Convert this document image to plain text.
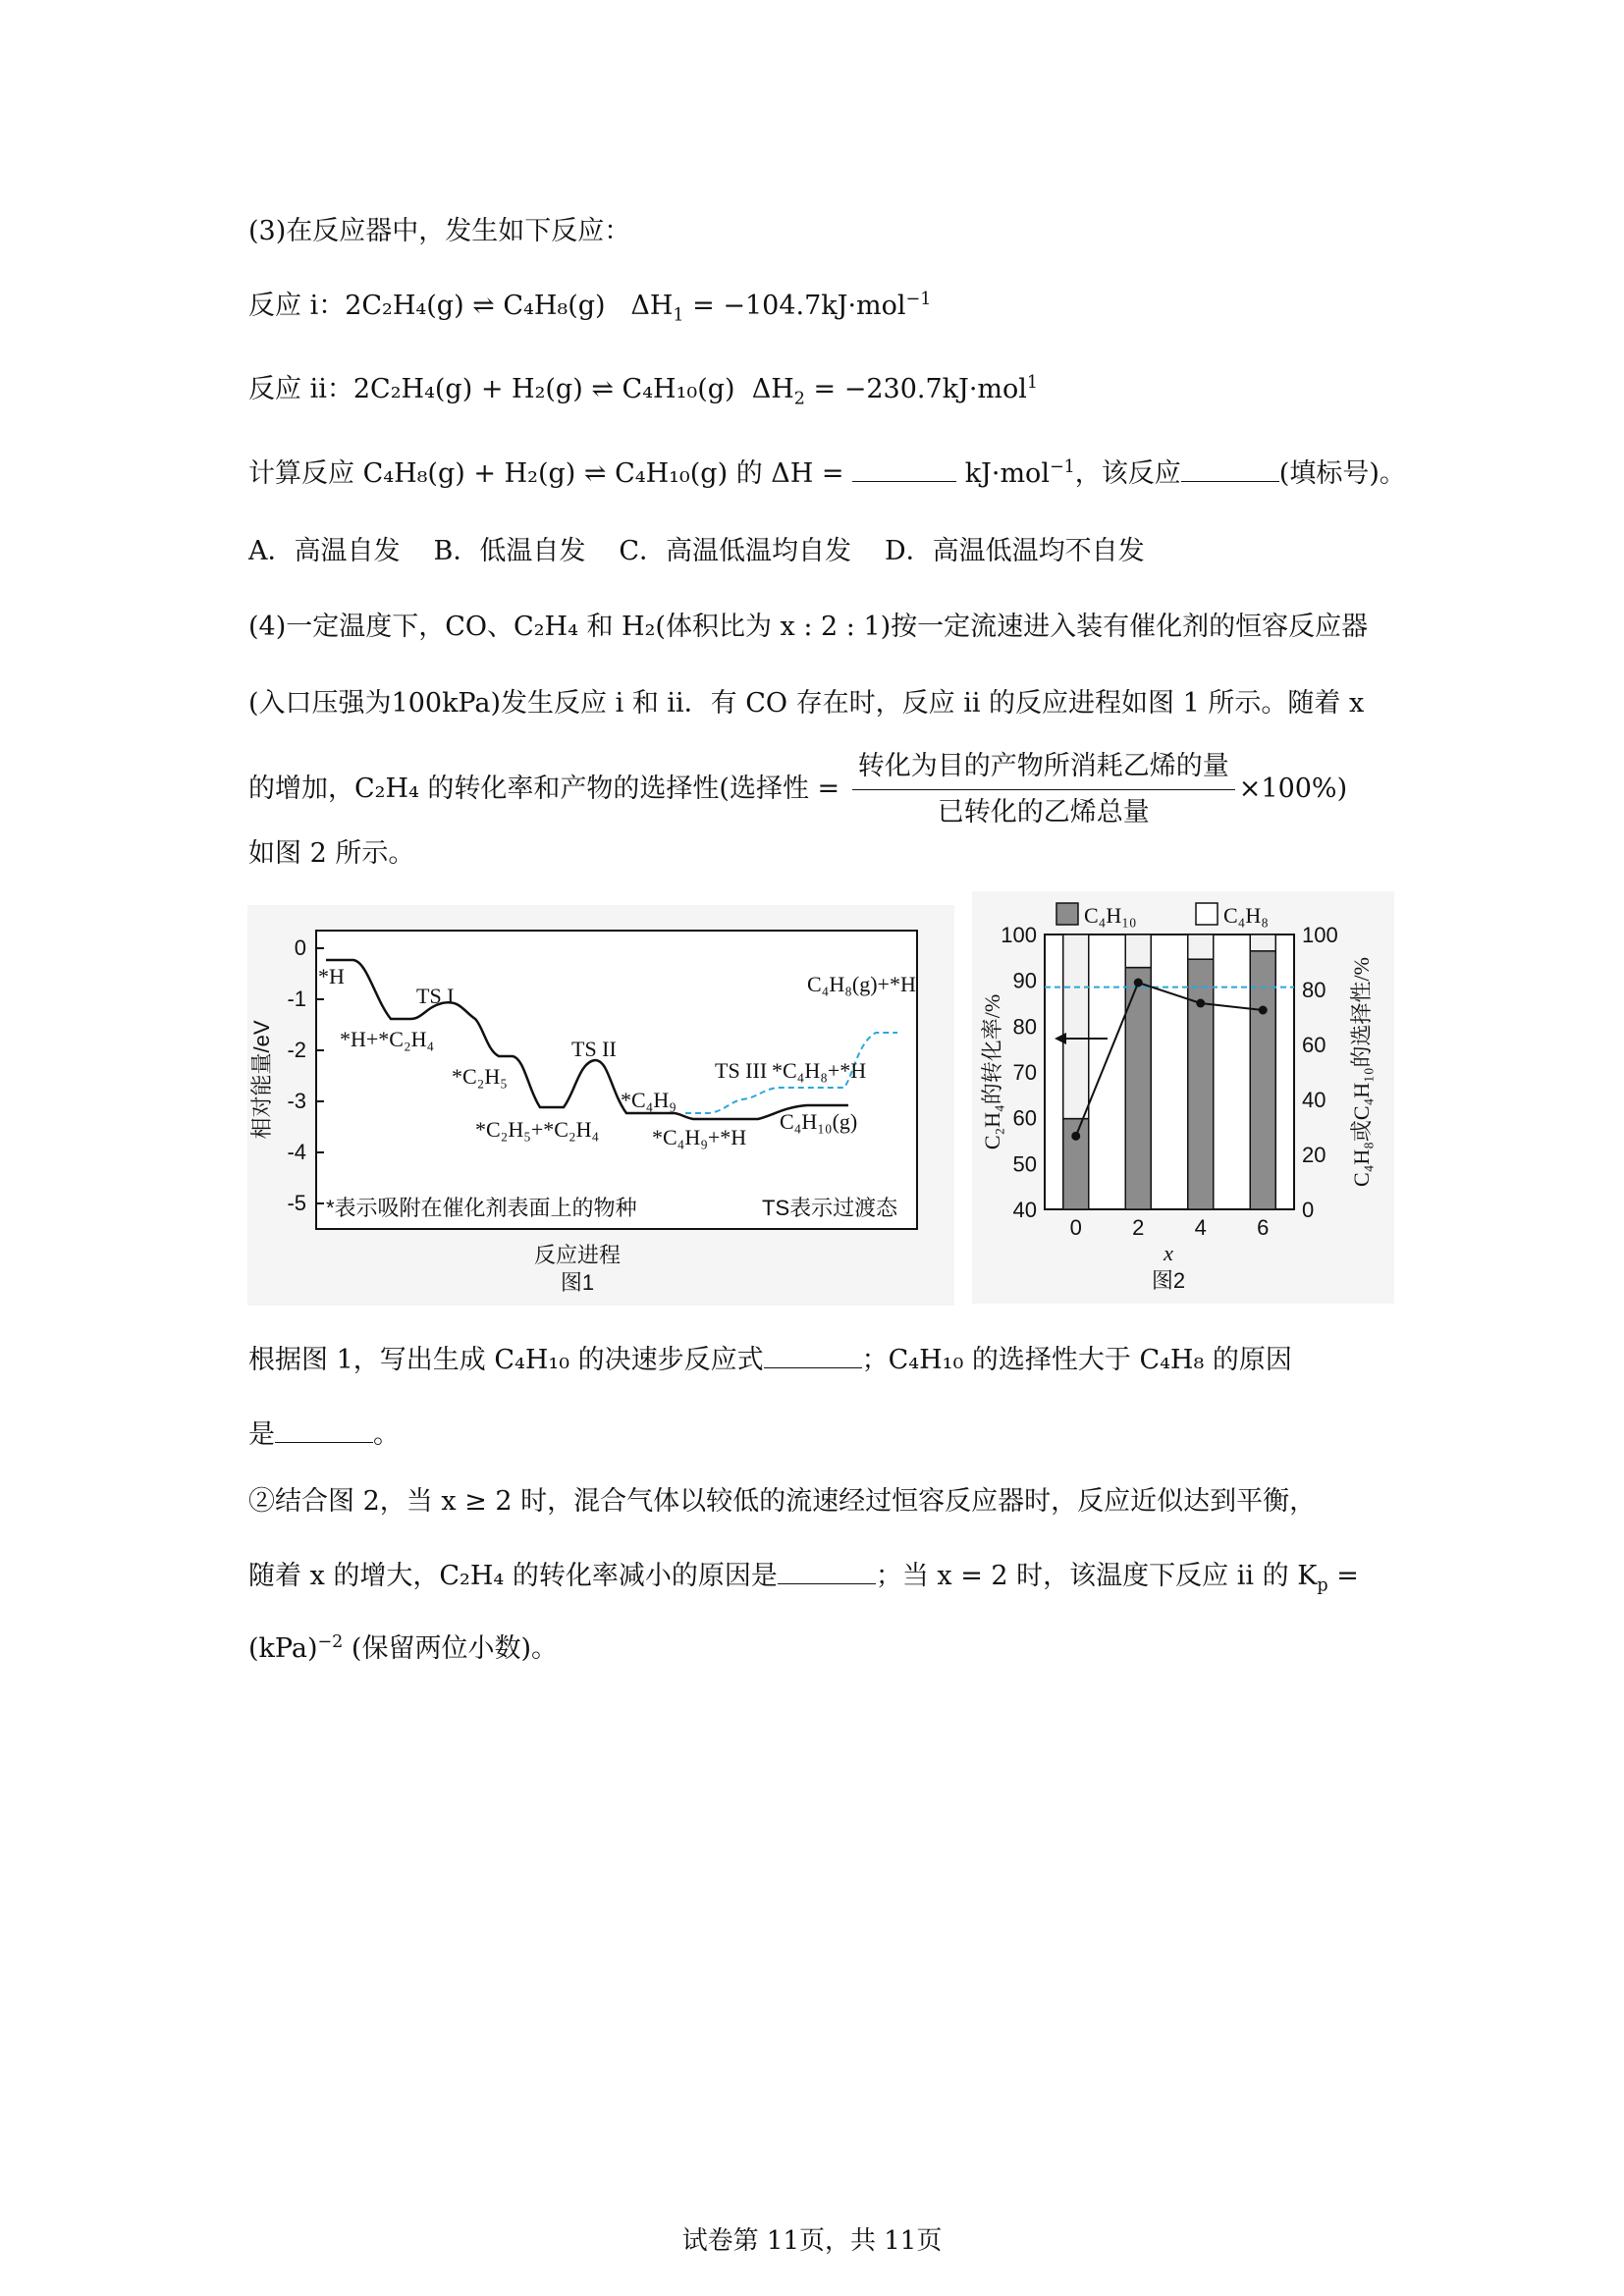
(3)在反应器中，发生如下反应：
反应 i：2C₂H₄(g) ⇌ C₄H₈(g) $\Delta H_1 = -104.7kJ\cdot mol^{-1}$
反应 ii：2C₂H₄(g) + H₂(g) ⇌ C₄H₁₀(g) $\Delta H_2 = -230.7kJ\cdot mol^1$
计算反应 C₄H₈(g) + H₂(g) ⇌ C₄H₁₀(g) 的 ΔH =	kJ·mol$^{-1}$，该反应	(填标号)。
A．高温自发 B．低温自发 C．高温低温均自发 D．高温低温均不自发
(4)一定温度下，CO、C₂H₄ 和 H₂(体积比为 x : 2 : 1)按一定流速进入装有催化剂的恒容反应器
(入口压强为100kPa)发生反应 i 和 ii．有 CO 存在时，反应 ii 的反应进程如图 1 所示。随着 x
的增加，C₂H₄ 的转化率和产物的选择性(选择性 = $\frac{\text{转化为目的产物所消耗乙烯的量}}{\text{已转化的乙烯总量}} \times 100\%$)
如图 2 所示。
0
-1
-2
-3
-4
-5
相对能量/eV
*H
TS I
*H+*C₂H₄
*C₂H₅
TS II
*C₂H₅+*C₂H₄
*C₄H₉
*C₄H₉+*H
TS III *C₄H₈+*H
C₄H₁₀(g)
C₄H₈(g)+*H
*表示吸附在催化剂表面上的物种	TS表示过渡态
反应进程
图1
C₄H₁₀	C₄H₈
100
90
80
70
60
50
40
100
80
60
40
20
0
0 2 4 6
C₂H₄的转化率/%	C₄H₈或C₄H₁₀的选择性/%
x
图2
根据图 1，写出生成 C₄H₁₀ 的决速步反应式	；C₄H₁₀ 的选择性大于 C₄H₈ 的原因
是	。
②结合图 2，当 x ≥ 2 时，混合气体以较低的流速经过恒容反应器时，反应近似达到平衡，
随着 x 的增大，C₂H₄ 的转化率减小的原因是	；当 x = 2 时，该温度下反应 ii 的 $K_p$ =
(kPa)$^{-2}$ (保留两位小数)。
试卷第 11页，共 11页
